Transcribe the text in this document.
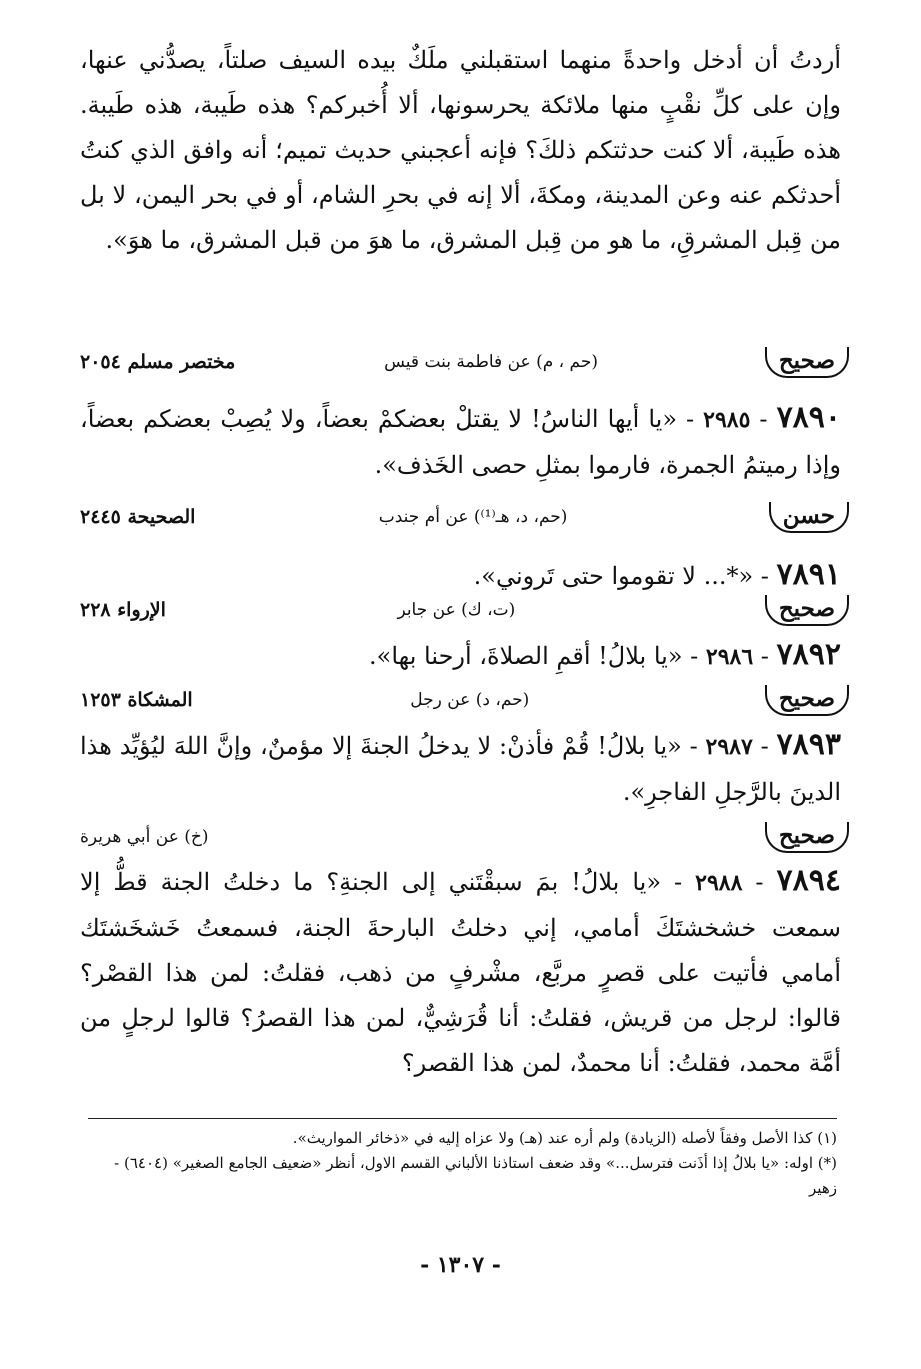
أردتُ أن أدخل واحدةً منهما استقبلني ملَكٌ بيده السيف صلتاً، يصدُّني عنها، وإن على كلِّ نقْبٍ منها ملائكة يحرسونها، ألا أُخبركم؟ هذه طَيبة، هذه طَيبة. هذه طَيبة، ألا كنت حدثتكم ذلكَ؟ فإنه أعجبني حديث تميم؛ أنه وافق الذي كنتُ أحدثكم عنه وعن المدينة، ومكةَ، ألا إنه في بحرِ الشام، أو في بحر اليمن، لا بل من قِبل المشرقِ، ما هو من قِبل المشرق، ما هوَ من قبل المشرق، ما هوَ».
صحيح
(حم ، م) عن فاطمة بنت قيس
مختصر مسلم ٢٠٥٤
٧٨٩٠ - ٢٩٨٥ - «يا أيها الناسُ! لا يقتلْ بعضكمْ بعضاً، ولا يُصِبْ بعضكم بعضاً، وإذا رميتمُ الجمرة، فارموا بمثلِ حصى الخَذف».
حسن
(حم، د، هـ⁽¹⁾) عن أم جندب
الصحيحة ٢٤٤٥
٧٨٩١ - «*... لا تقوموا حتى تَروني».
صحيح
(ت، ك) عن جابر
الإرواء ٢٢٨
٧٨٩٢ - ٢٩٨٦ - «يا بلالُ! أقمِ الصلاةَ، أرحنا بها».
صحيح
(حم، د) عن رجل
المشكاة ١٢٥٣
٧٨٩٣ - ٢٩٨٧ - «يا بلالُ! قُمْ فأذنْ: لا يدخلُ الجنةَ إلا مؤمنٌ، وإنَّ اللهَ ليُؤيِّد هذا الدينَ بالرَّجلِ الفاجرِ».
صحيح
(خ) عن أبي هريرة
٧٨٩٤ - ٢٩٨٨ - «يا بلالُ! بمَ سبقْتَني إلى الجنةِ؟ ما دخلتُ الجنة قطُّ إلا سمعت خشخشتَكَ أمامي، إني دخلتُ البارحةَ الجنة، فسمعتُ خَشخَشتَك أمامي فأتيت على قصرٍ مربَّع، مشْرفٍ من ذهب، فقلتُ: لمن هذا القصْر؟ قالوا: لرجل من قريش، فقلتُ: أنا قُرَشِيٌّ، لمن هذا القصرُ؟ قالوا لرجلٍ من أمَّة محمد، فقلتُ: أنا محمدٌ، لمن هذا القصر؟

(١) كذا الأصل وفقاً لأصله (الزيادة) ولم أره عند (هـ) ولا عزاه إليه في «ذخائر المواريث».

(*) اوله: «يا بلالُ إذا أذَنت فترسل...» وقد ضعف استاذنا الألباني القسم الاول، أنظر «ضعيف الجامع الصغير» (٦٤٠٤) - زهير

- ١٣٠٧ -
